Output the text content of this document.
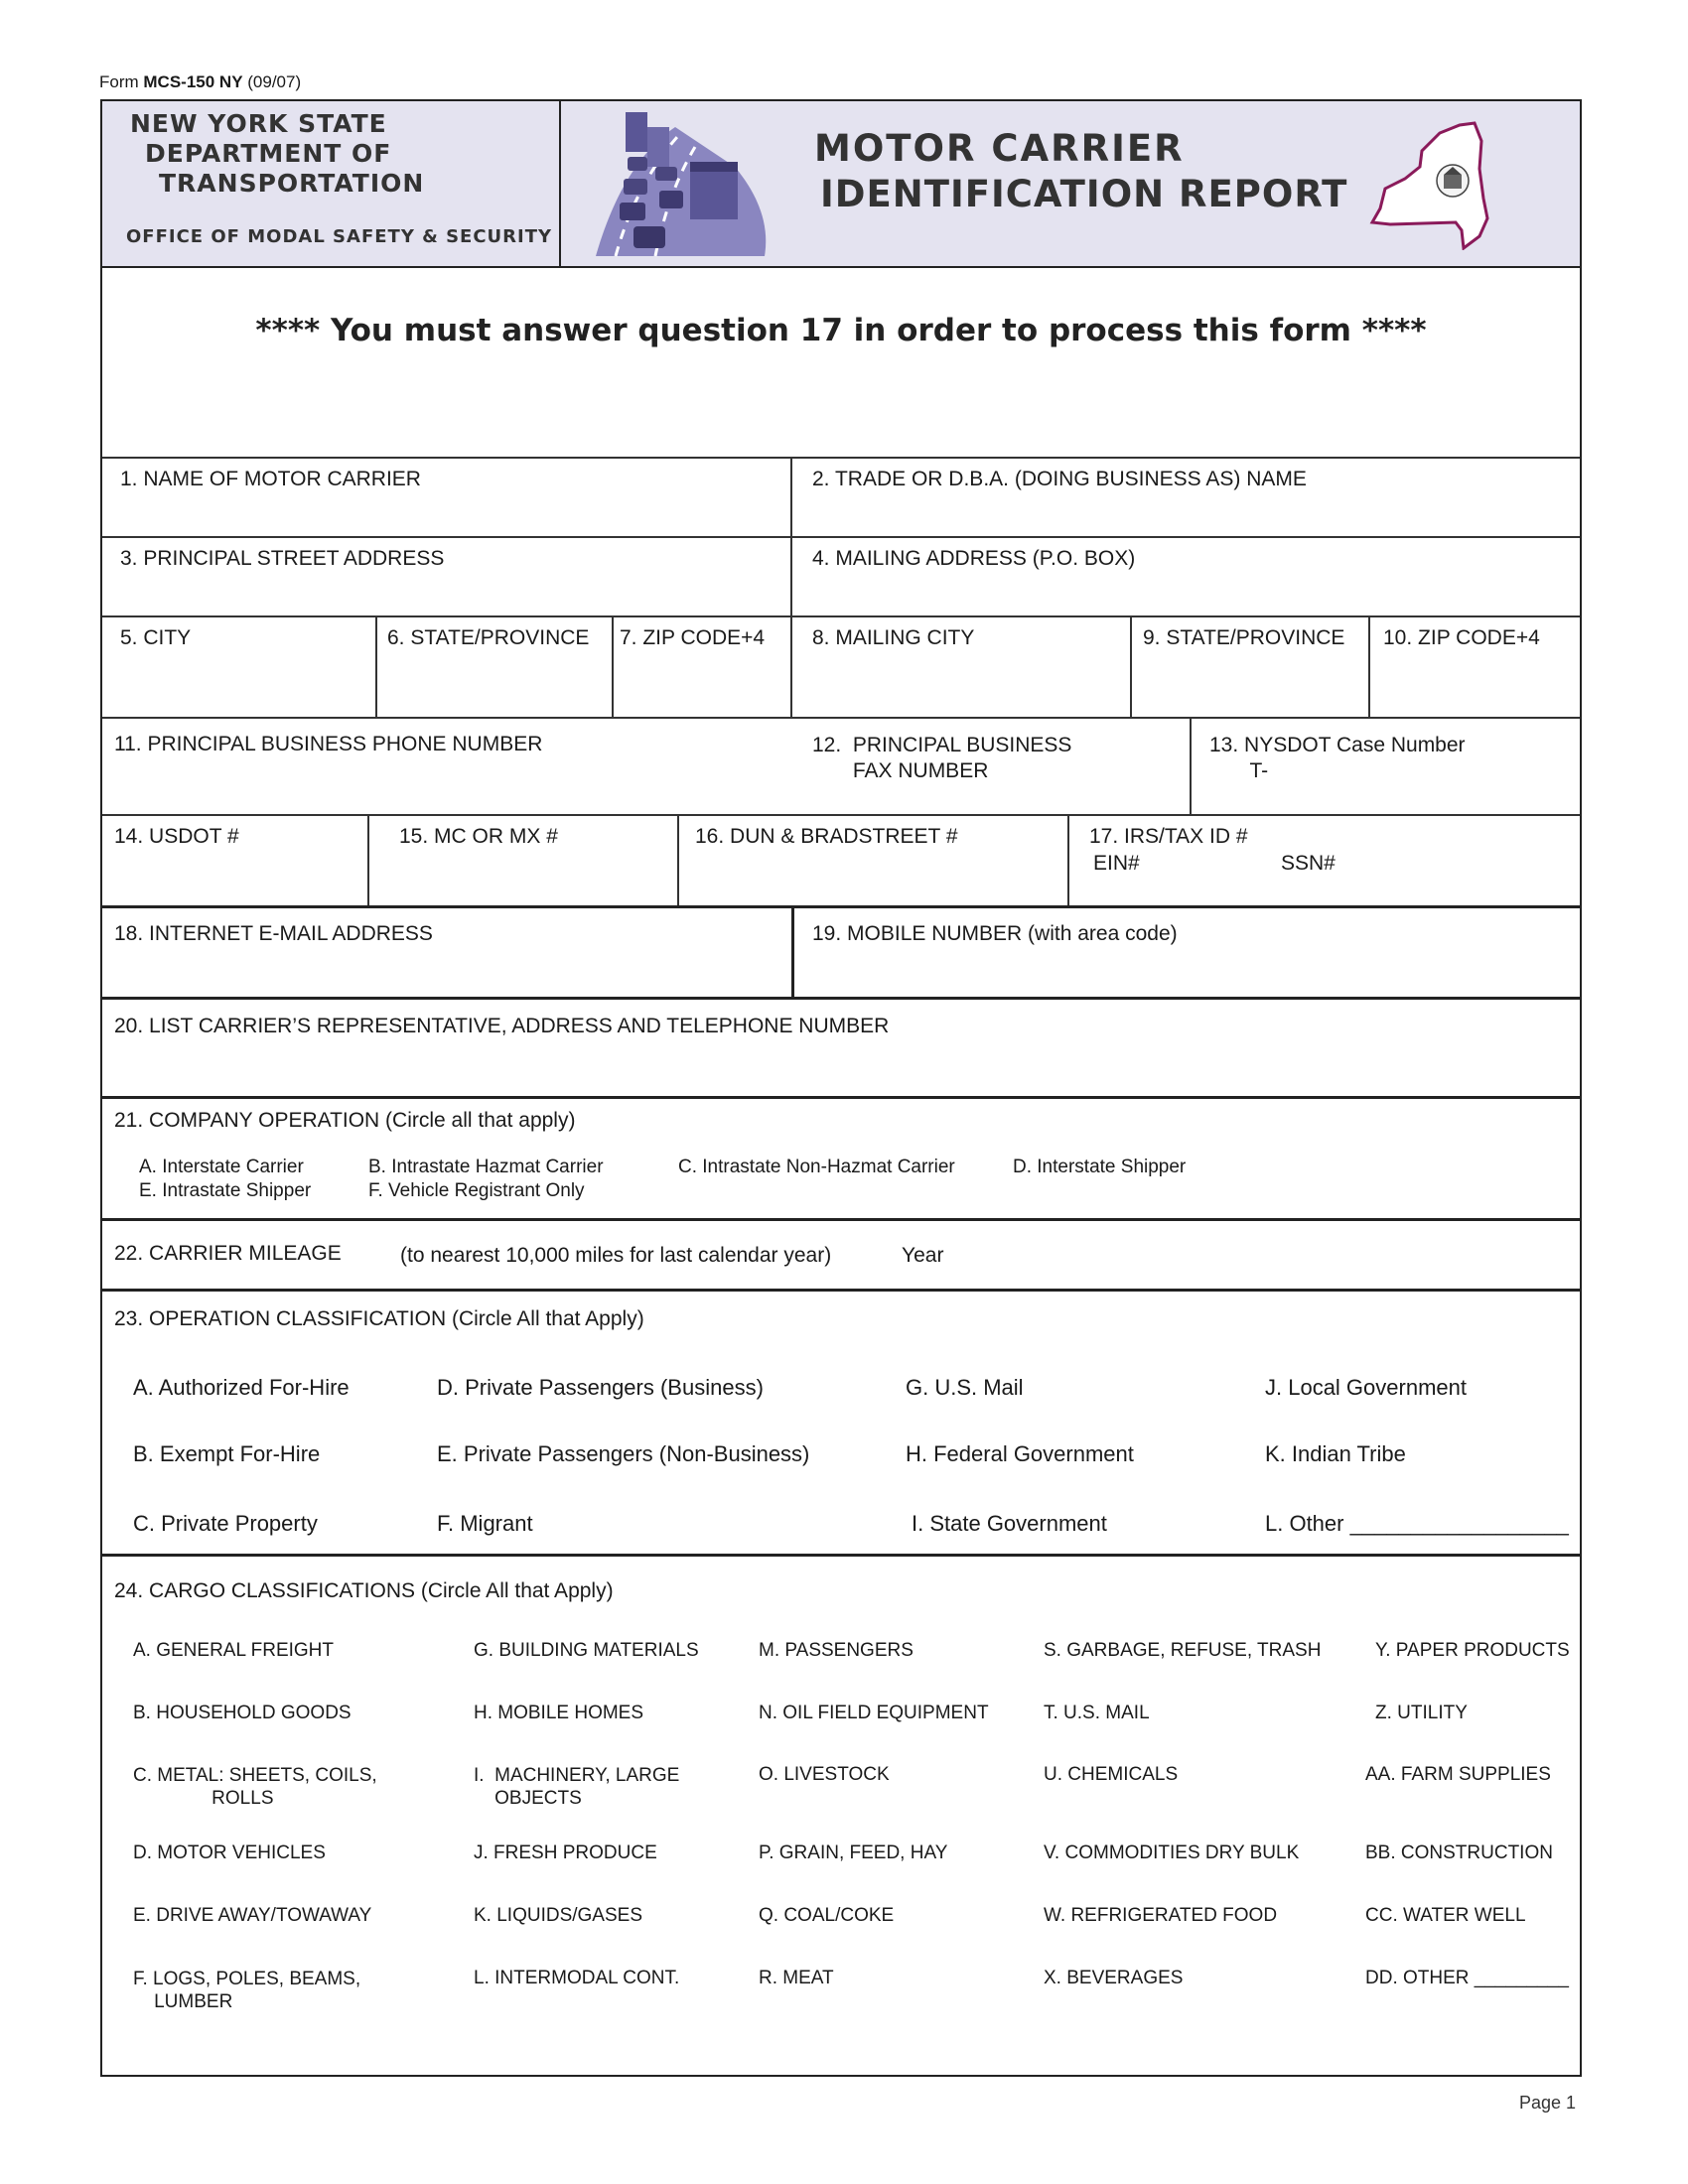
Form MCS-150 NY (09/07)
NEW YORK STATE
DEPARTMENT OF
TRANSPORTATION
OFFICE OF MODAL SAFETY & SECURITY
MOTOR CARRIER
IDENTIFICATION REPORT
**** You must answer question 17 in order to process this form ****
1. NAME OF MOTOR CARRIER	2. TRADE OR D.B.A. (DOING BUSINESS AS) NAME
3. PRINCIPAL STREET ADDRESS	4. MAILING ADDRESS (P.O. BOX)
5. CITY	6. STATE/PROVINCE 7. ZIP CODE+4 8. MAILING CITY	9. STATE/PROVINCE 10. ZIP CODE+4
11. PRINCIPAL BUSINESS PHONE NUMBER	12.  PRINCIPAL BUSINESS
FAX NUMBER
13. NYSDOT Case Number
T-
14. USDOT #	15. MC OR MX #	16. DUN & BRADSTREET #	17. IRS/TAX ID #
EIN#	SSN#
18. INTERNET E-MAIL ADDRESS	19. MOBILE NUMBER (with area code)
20. LIST CARRIER’S REPRESENTATIVE, ADDRESS AND TELEPHONE NUMBER
21. COMPANY OPERATION (Circle all that apply)
A. Interstate Carrier	B. Intrastate Hazmat Carrier	C. Intrastate Non-Hazmat Carrier	D. Interstate Shipper
E. Intrastate Shipper	F. Vehicle Registrant Only
22. CARRIER MILEAGE	(to nearest 10,000 miles for last calendar year)	Year
23. OPERATION CLASSIFICATION (Circle All that Apply)
A. Authorized For-Hire
B. Exempt For-Hire
C. Private Property
D. Private Passengers (Business)
E. Private Passengers (Non-Business)
F. Migrant
G. U.S. Mail
H. Federal Government
I. State Government
J. Local Government
K. Indian Tribe
L. Other __________________
24. CARGO CLASSIFICATIONS (Circle All that Apply)
A. GENERAL FREIGHT
B. HOUSEHOLD GOODS
C. METAL: SHEETS, COILS,
ROLLS
D. MOTOR VEHICLES
E. DRIVE AWAY/TOWAWAY
F. LOGS, POLES, BEAMS,
LUMBER
G. BUILDING MATERIALS
H. MOBILE HOMES
I.  MACHINERY, LARGE
OBJECTS
J. FRESH PRODUCE
K. LIQUIDS/GASES
L. INTERMODAL CONT.
M. PASSENGERS
N. OIL FIELD EQUIPMENT
O. LIVESTOCK
P. GRAIN, FEED, HAY
Q. COAL/COKE
R. MEAT
S. GARBAGE, REFUSE, TRASH
T. U.S. MAIL
U. CHEMICALS
V. COMMODITIES DRY BULK
W. REFRIGERATED FOOD
X. BEVERAGES
Y. PAPER PRODUCTS
Z. UTILITY
AA. FARM SUPPLIES
BB. CONSTRUCTION
CC. WATER WELL
DD. OTHER _________
Page 1
